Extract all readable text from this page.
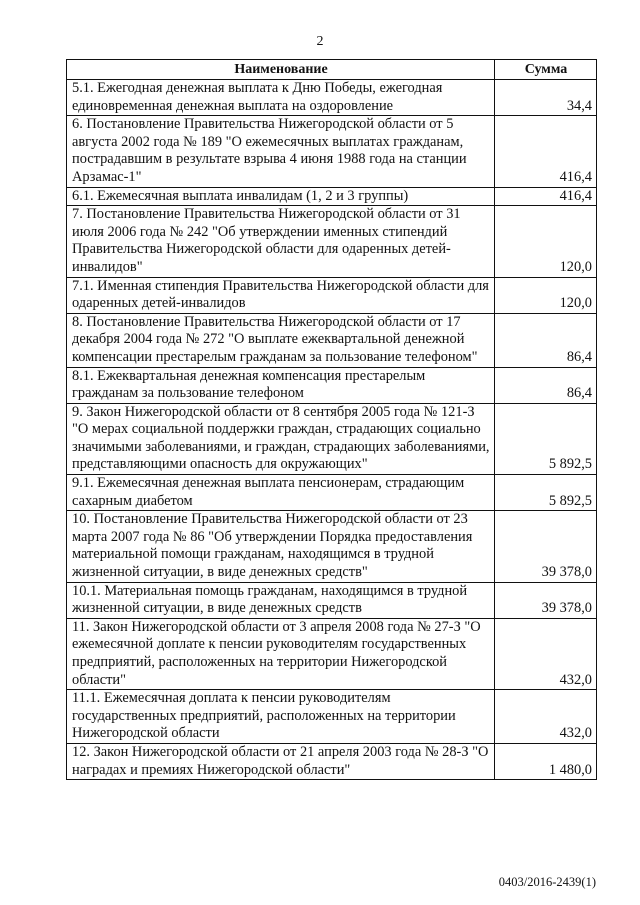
2
Наименование	Сумма
5.1. Ежегодная денежная выплата к Дню Победы, ежегодная единовременная денежная выплата на оздоровление	34,4
6. Постановление Правительства Нижегородской области от 5 августа 2002 года № 189 "О ежемесячных выплатах гражданам, пострадавшим в результате взрыва 4 июня 1988 года на станции Арзамас-1"	416,4
6.1. Ежемесячная выплата инвалидам (1, 2 и 3 группы)	416,4
7. Постановление Правительства Нижегородской области от 31 июля 2006 года № 242 "Об утверждении именных стипендий Правительства Нижегородской области для одаренных детей-инвалидов"	120,0
7.1. Именная стипендия Правительства Нижегородской области для одаренных детей-инвалидов	120,0
8. Постановление Правительства Нижегородской области от 17 декабря 2004 года № 272 "О выплате ежеквартальной денежной компенсации престарелым гражданам за пользование телефоном"	86,4
8.1. Ежеквартальная денежная компенсация престарелым гражданам за пользование телефоном	86,4
9. Закон Нижегородской области от 8 сентября 2005 года № 121-З "О мерах социальной поддержки граждан, страдающих социально значимыми заболеваниями, и граждан, страдающих заболеваниями, представляющими опасность для окружающих"	5 892,5
9.1. Ежемесячная денежная выплата пенсионерам, страдающим сахарным диабетом	5 892,5
10. Постановление Правительства Нижегородской области от 23 марта 2007 года № 86 "Об утверждении Порядка предоставления материальной помощи гражданам, находящимся в трудной жизненной ситуации, в виде денежных средств"	39 378,0
10.1. Материальная помощь гражданам, находящимся в трудной жизненной ситуации, в виде денежных средств	39 378,0
11. Закон Нижегородской области от 3 апреля 2008 года № 27-З "О ежемесячной доплате к пенсии руководителям государственных предприятий, расположенных на территории Нижегородской области"	432,0
11.1. Ежемесячная доплата к пенсии руководителям государственных предприятий, расположенных на территории Нижегородской области	432,0
12. Закон Нижегородской области от 21 апреля 2003 года № 28-З "О наградах и премиях Нижегородской области"	1 480,0
0403/2016-2439(1)
